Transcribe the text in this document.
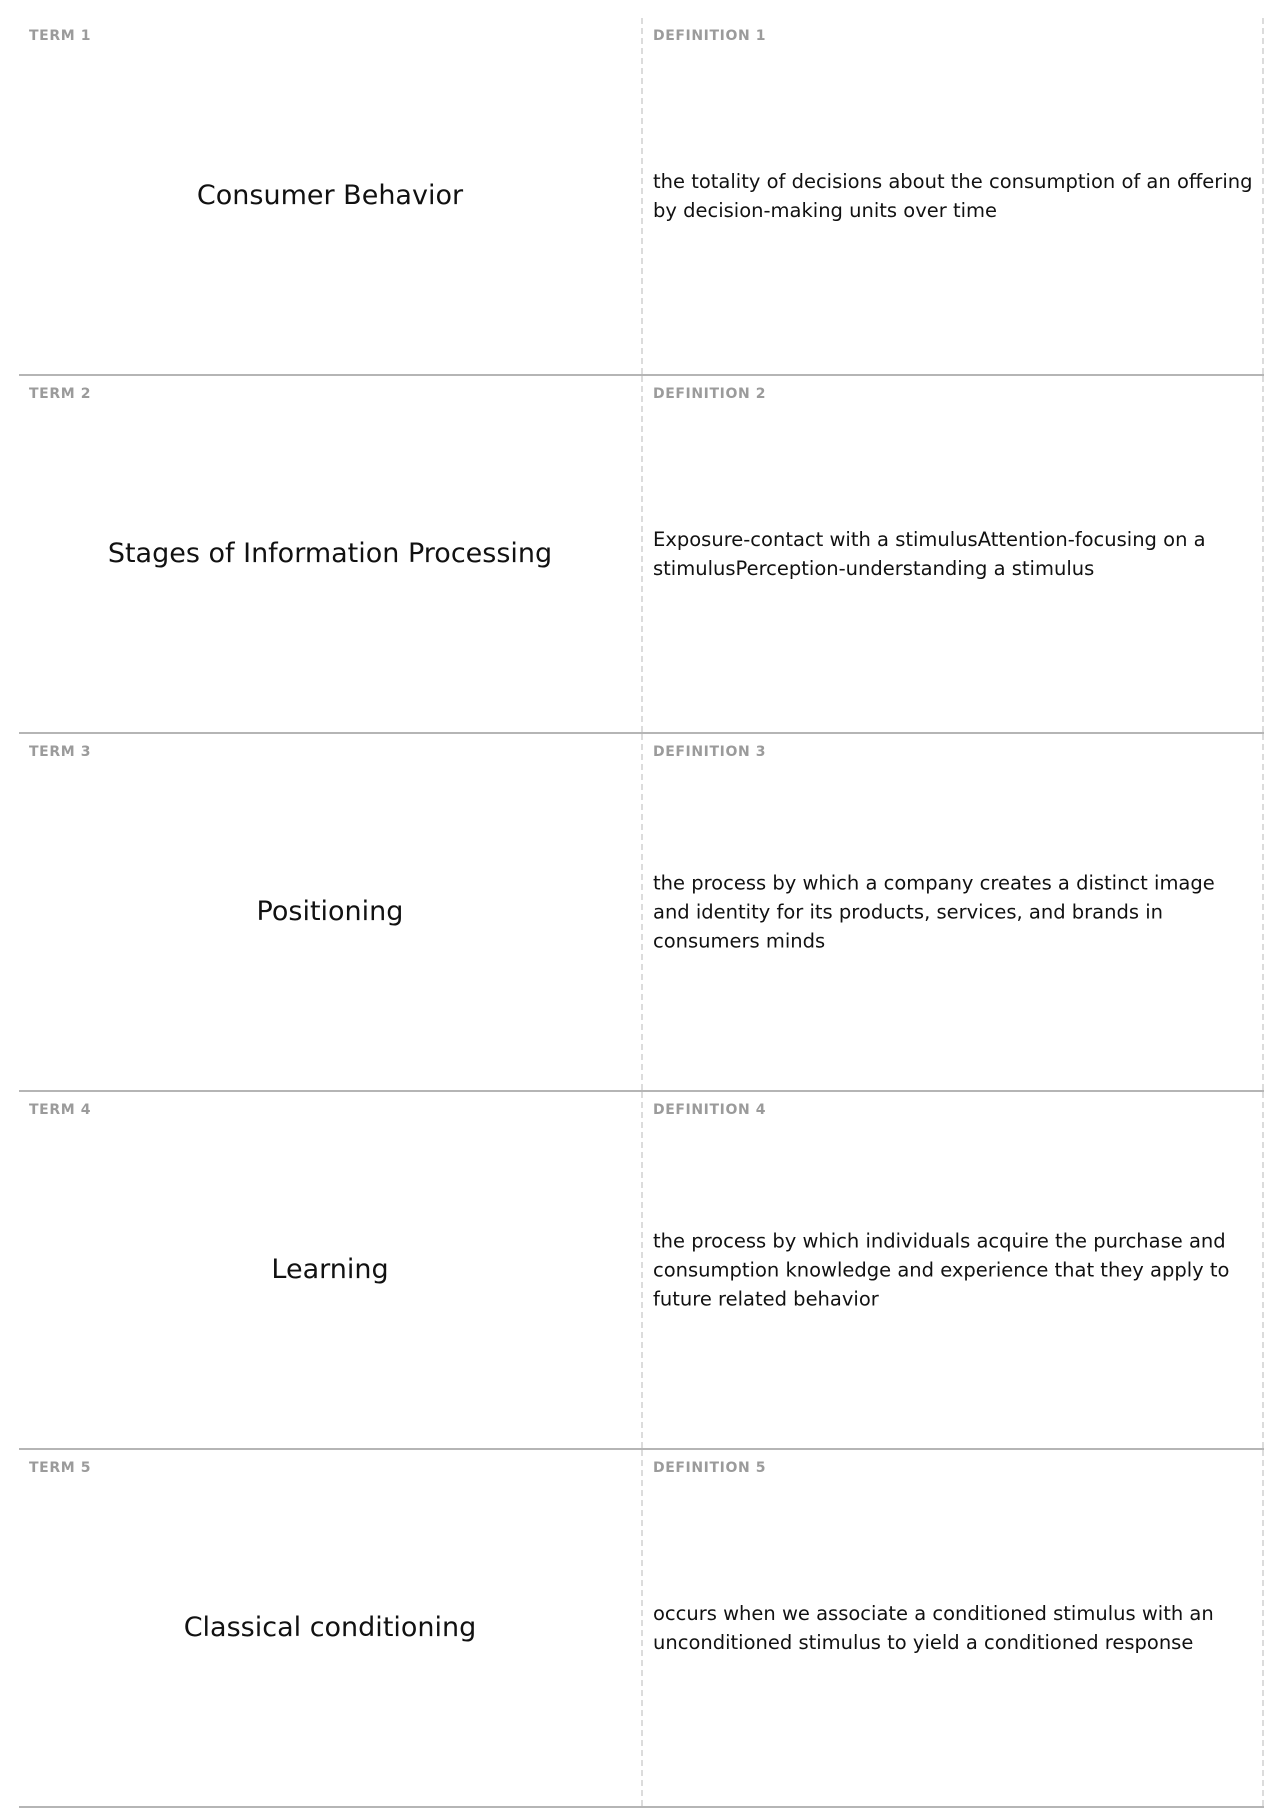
TERM 1
Consumer Behavior
DEFINITION 1
the totality of decisions about the consumption of an offering by decision-making units over time
TERM 2
Stages of Information Processing
DEFINITION 2
Exposure-contact with a stimulusAttention-focusing on a stimulusPerception-understanding a stimulus
TERM 3
Positioning
DEFINITION 3
the process by which a company creates a distinct image and identity for its products, services, and brands in consumers minds
TERM 4
Learning
DEFINITION 4
the process by which individuals acquire the purchase and consumption knowledge and experience that they apply to future related behavior
TERM 5
Classical conditioning
DEFINITION 5
occurs when we associate a conditioned stimulus with an unconditioned stimulus to yield a conditioned response
